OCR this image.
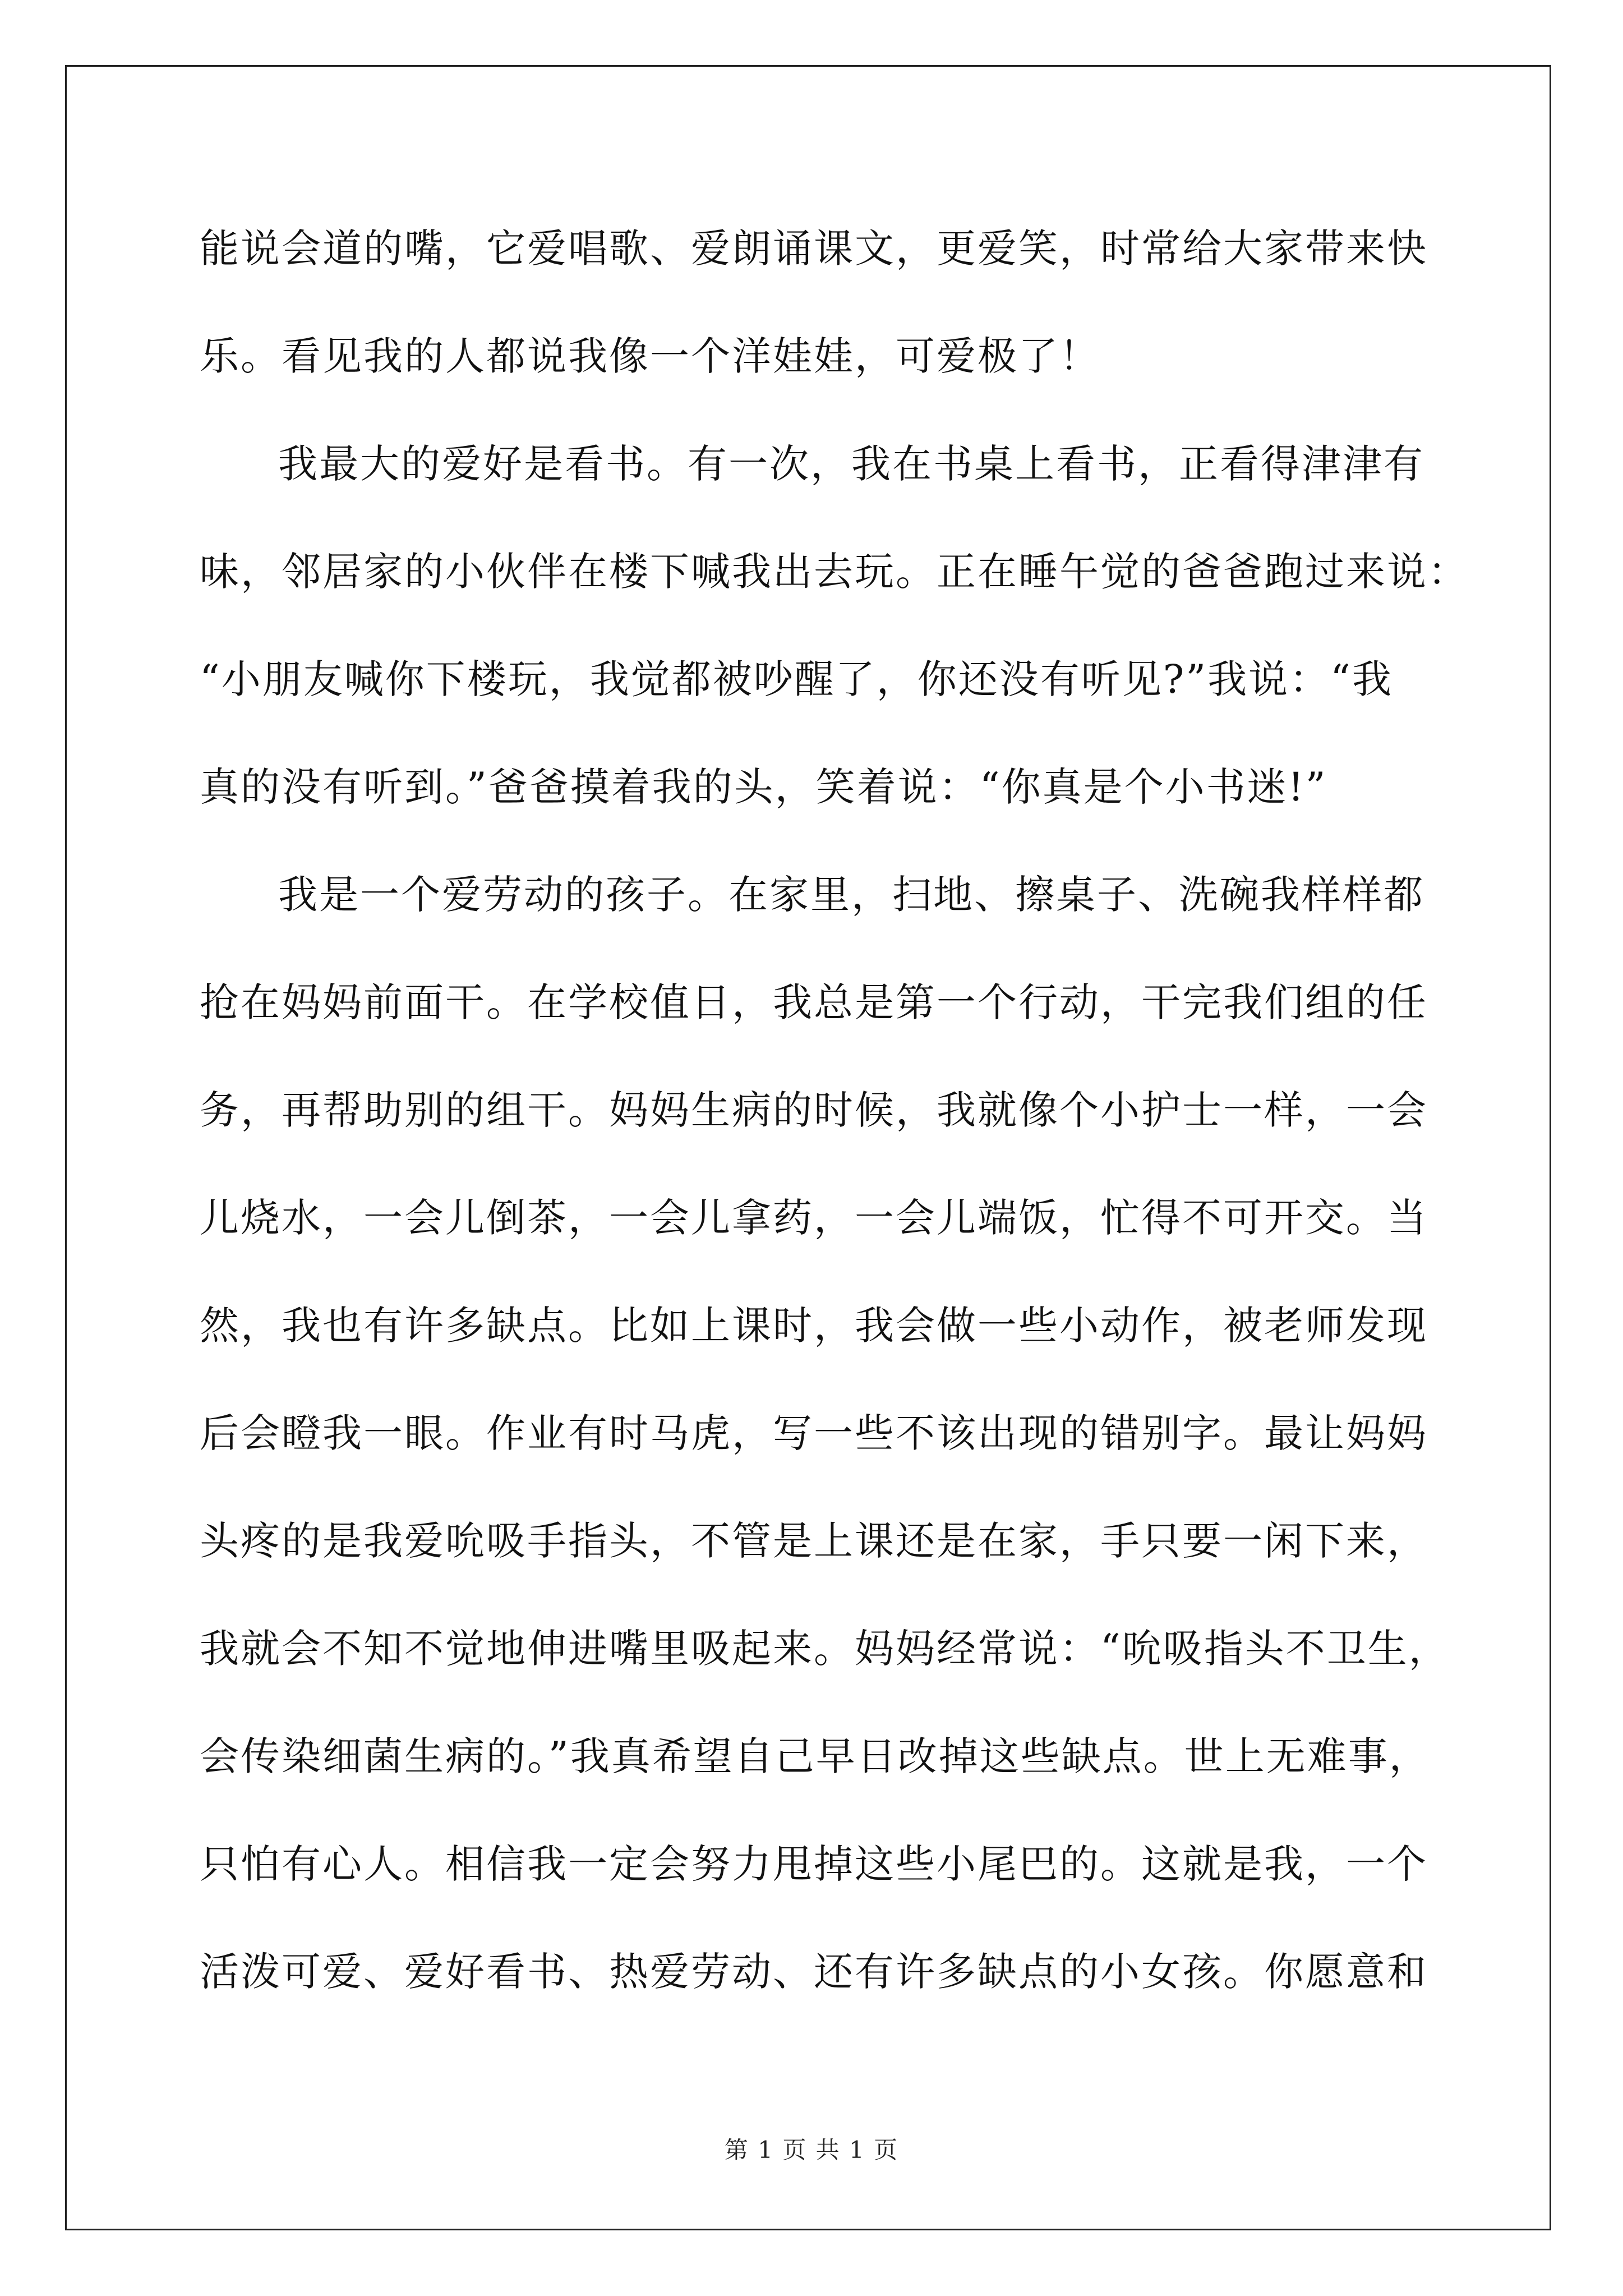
能说会道的嘴，它爱唱歌、爱朗诵课文，更爱笑，时常给大家带来快
乐。看见我的人都说我像一个洋娃娃，可爱极了！
我最大的爱好是看书。有一次，我在书桌上看书，正看得津津有
味，邻居家的小伙伴在楼下喊我出去玩。正在睡午觉的爸爸跑过来说：
“小朋友喊你下楼玩，我觉都被吵醒了，你还没有听见?”我说：“我
真的没有听到。”爸爸摸着我的头，笑着说：“你真是个小书迷!”
我是一个爱劳动的孩子。在家里，扫地、擦桌子、洗碗我样样都
抢在妈妈前面干。在学校值日，我总是第一个行动，干完我们组的任
务，再帮助别的组干。妈妈生病的时候，我就像个小护士一样，一会
儿烧水，一会儿倒茶，一会儿拿药，一会儿端饭，忙得不可开交。当
然，我也有许多缺点。比如上课时，我会做一些小动作，被老师发现
后会瞪我一眼。作业有时马虎，写一些不该出现的错别字。最让妈妈
头疼的是我爱吮吸手指头，不管是上课还是在家，手只要一闲下来，
我就会不知不觉地伸进嘴里吸起来。妈妈经常说：“吮吸指头不卫生，
会传染细菌生病的。”我真希望自己早日改掉这些缺点。世上无难事，
只怕有心人。相信我一定会努力甩掉这些小尾巴的。这就是我，一个
活泼可爱、爱好看书、热爱劳动、还有许多缺点的小女孩。你愿意和
第 1 页 共 1 页
